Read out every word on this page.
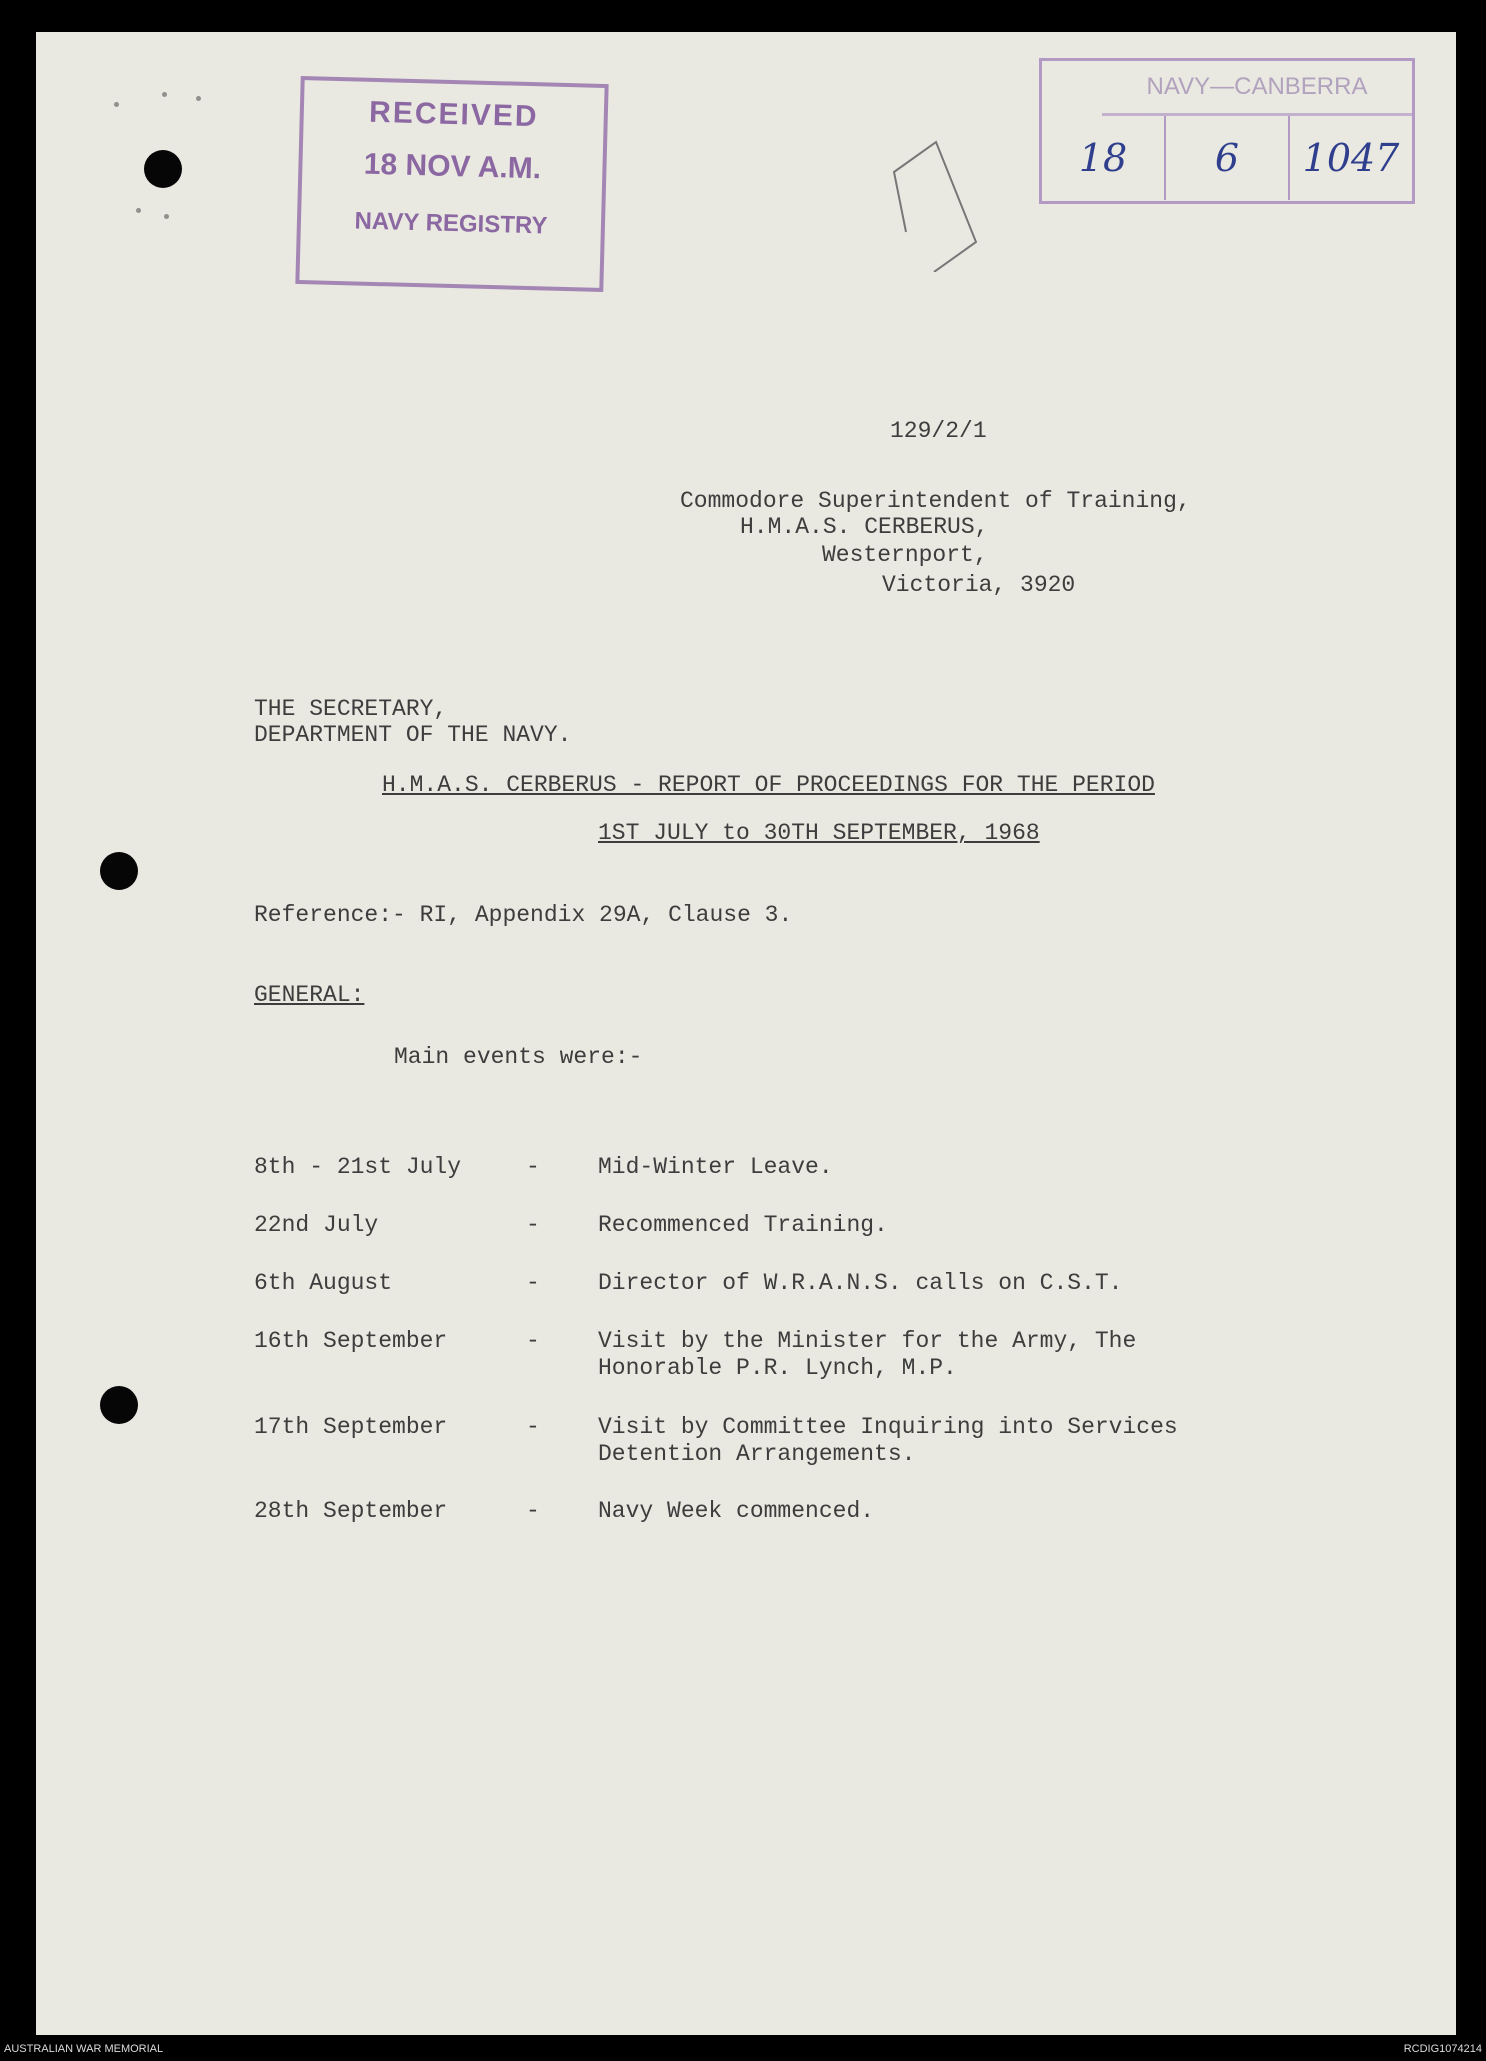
RECEIVED
18 NOV A.M.
NAVY REGISTRY
NAVY—CANBERRA
18	6	1047
129/2/1
Commodore Superintendent of Training,
H.M.A.S. CERBERUS,
Westernport,
Victoria, 3920
THE SECRETARY,
DEPARTMENT OF THE NAVY.
H.M.A.S. CERBERUS - REPORT OF PROCEEDINGS FOR THE PERIOD
1ST JULY to 30TH SEPTEMBER, 1968
Reference:- RI, Appendix 29A, Clause 3.
GENERAL:
Main events were:-
8th - 21st July	-	Mid-Winter Leave.
22nd July	-	Recommenced Training.
6th August	-	Director of W.R.A.N.S. calls on C.S.T.
16th September	-	Visit by the Minister for the Army, The Honorable P.R. Lynch, M.P.
17th September	-	Visit by Committee Inquiring into Services Detention Arrangements.
28th September	-	Navy Week commenced.
AUSTRALIAN WAR MEMORIAL	RCDIG1074214
